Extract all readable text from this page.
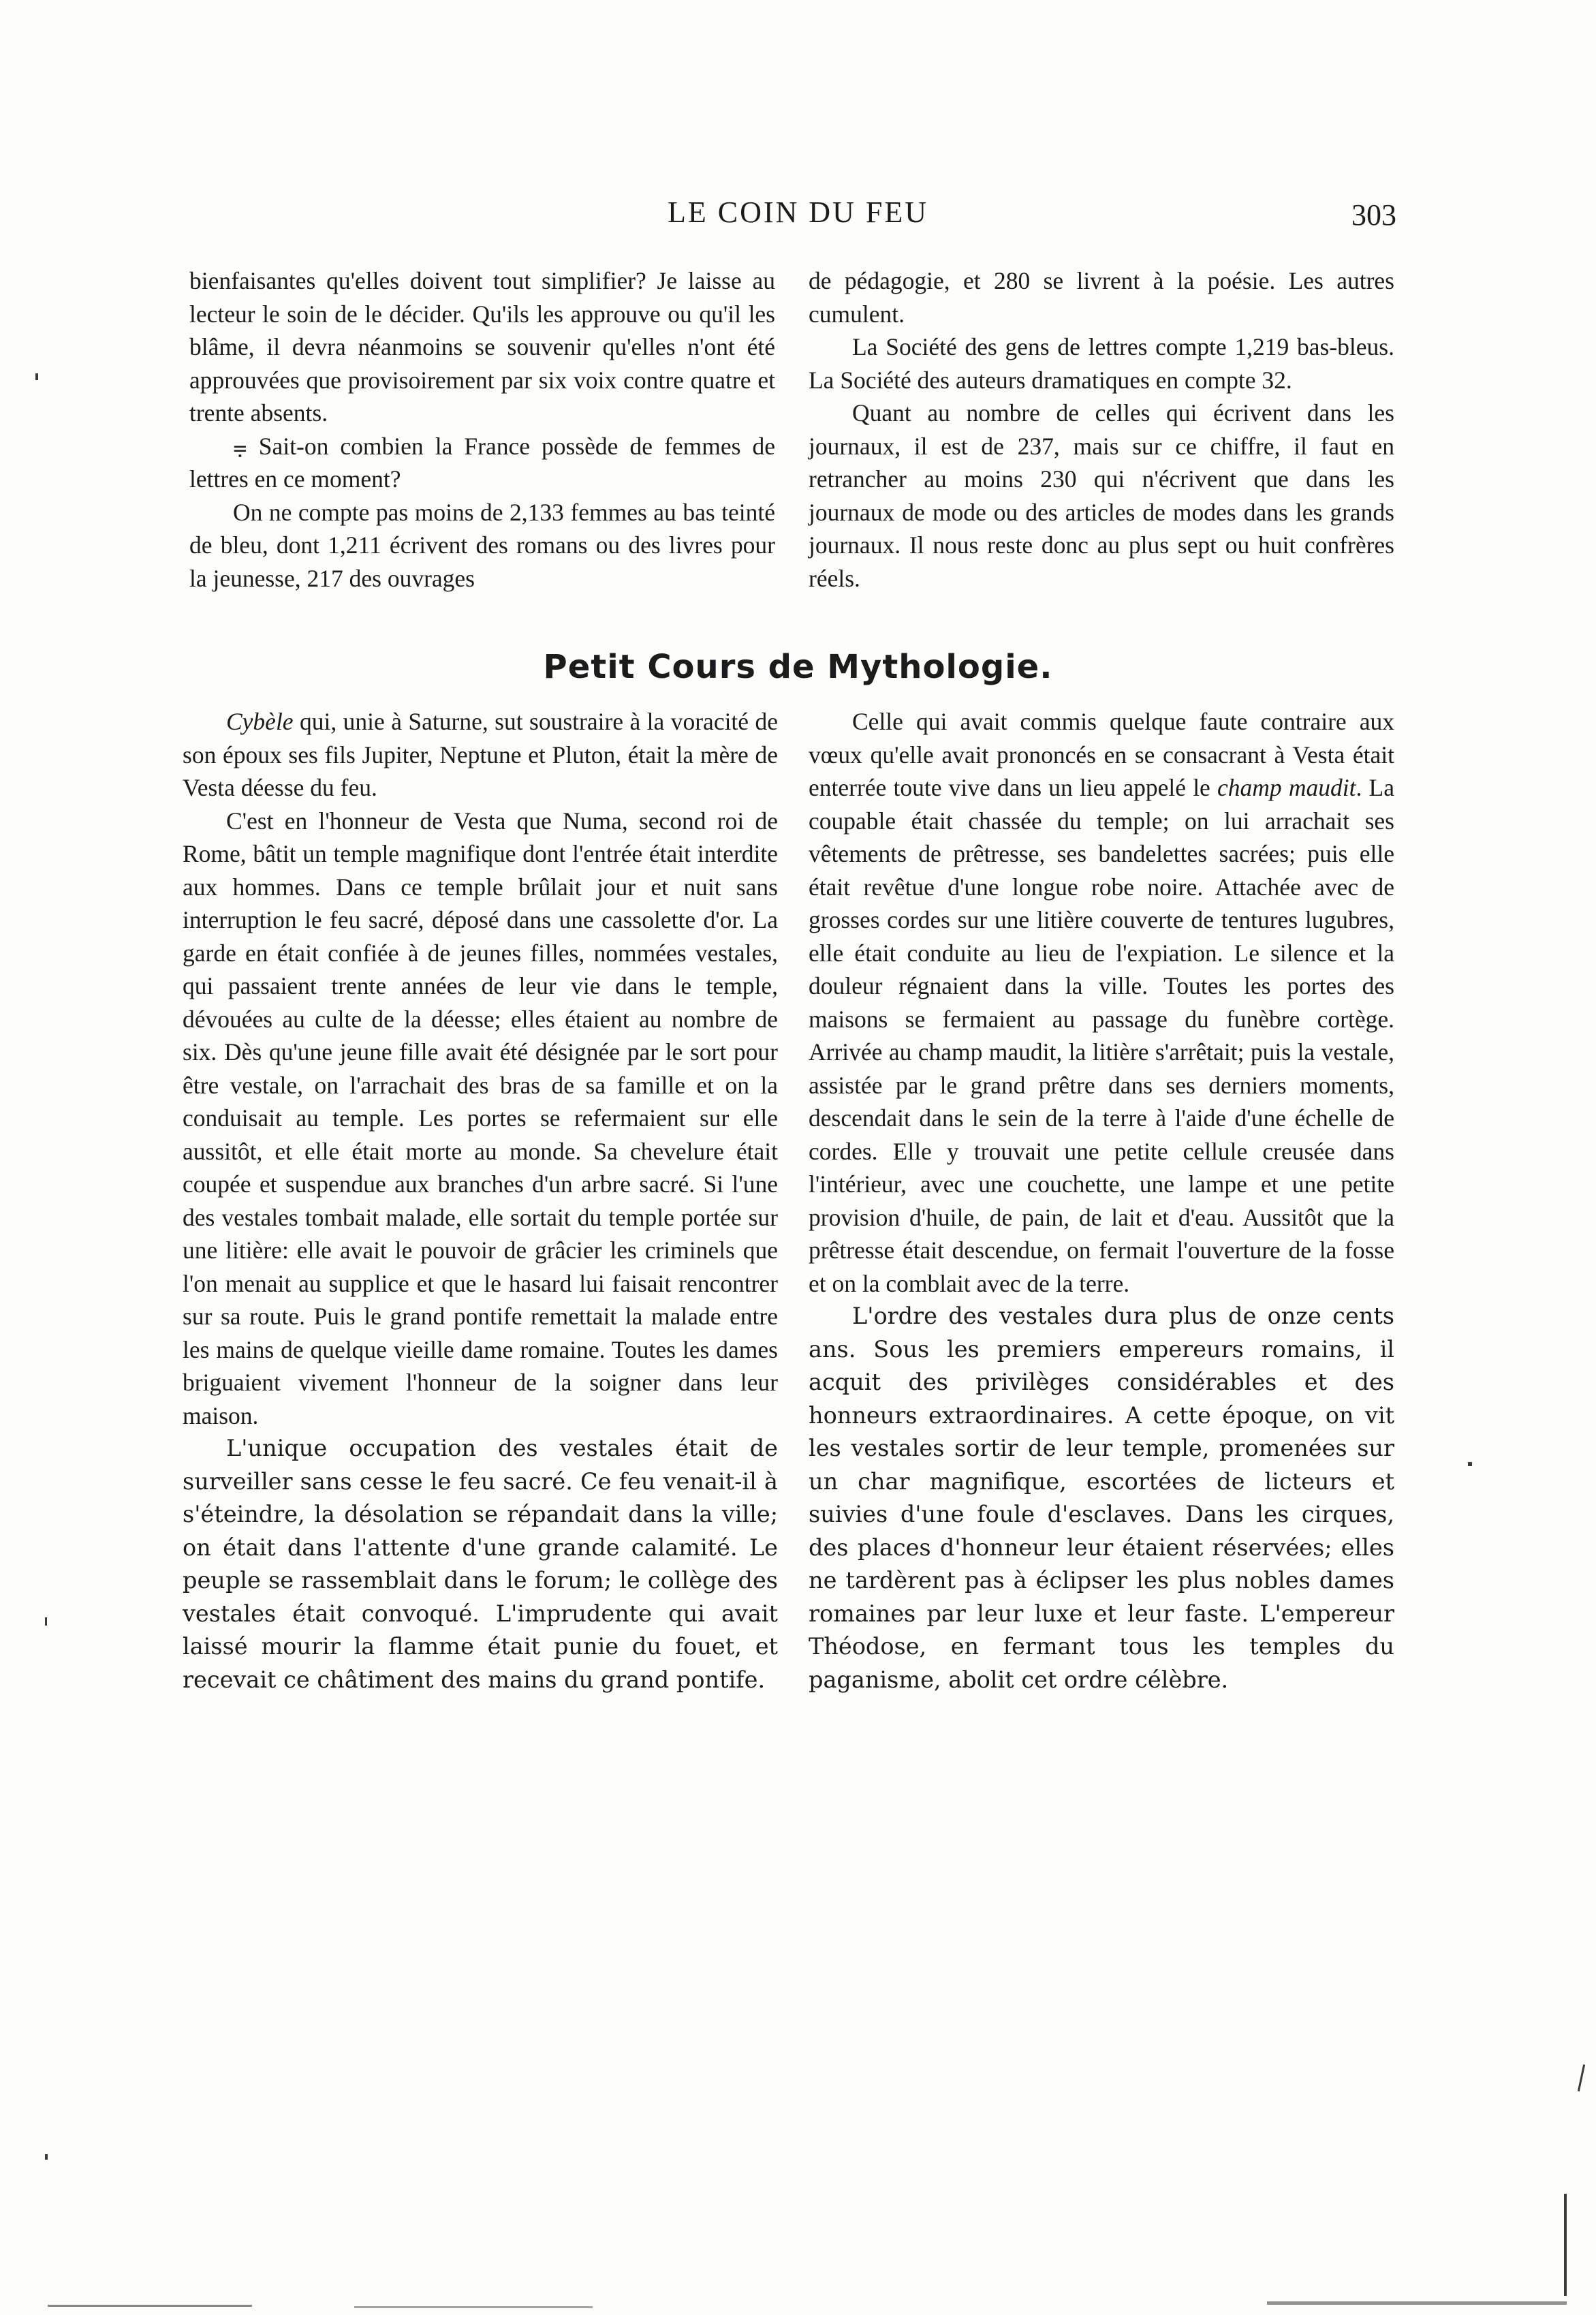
LE COIN DU FEU	303

bienfaisantes qu'elles doivent tout simplifier? Je laisse au lecteur le soin de le décider. Qu'ils les approuve ou qu'il les blâme, il devra néanmoins se souvenir qu'elles n'ont été approuvées que provisoirement par six voix contre quatre et trente absents.

⩦ Sait-on combien la France possède de femmes de lettres en ce moment?

On ne compte pas moins de 2,133 femmes au bas teinté de bleu, dont 1,211 écrivent des romans ou des livres pour la jeunesse, 217 des ouvrages

de pédagogie, et 280 se livrent à la poésie. Les autres cumulent.

La Société des gens de lettres compte 1,219 bas-bleus. La Société des auteurs dramatiques en compte 32.

Quant au nombre de celles qui écrivent dans les journaux, il est de 237, mais sur ce chiffre, il faut en retrancher au moins 230 qui n'écrivent que dans les journaux de mode ou des articles de modes dans les grands journaux. Il nous reste donc au plus sept ou huit confrères réels.

Petit Cours de Mythologie.

Cybèle qui, unie à Saturne, sut soustraire à la voracité de son époux ses fils Jupiter, Neptune et Pluton, était la mère de Vesta déesse du feu.

C'est en l'honneur de Vesta que Numa, second roi de Rome, bâtit un temple magnifique dont l'entrée était interdite aux hommes. Dans ce temple brûlait jour et nuit sans interruption le feu sacré, déposé dans une cassolette d'or. La garde en était confiée à de jeunes filles, nommées vestales, qui passaient trente années de leur vie dans le temple, dévouées au culte de la déesse; elles étaient au nombre de six. Dès qu'une jeune fille avait été désignée par le sort pour être vestale, on l'arrachait des bras de sa famille et on la conduisait au temple. Les portes se refermaient sur elle aussitôt, et elle était morte au monde. Sa chevelure était coupée et suspendue aux branches d'un arbre sacré. Si l'une des vestales tombait malade, elle sortait du temple portée sur une litière: elle avait le pouvoir de grâcier les criminels que l'on menait au supplice et que le hasard lui faisait rencontrer sur sa route. Puis le grand pontife remettait la malade entre les mains de quelque vieille dame romaine. Toutes les dames briguaient vivement l'honneur de la soigner dans leur maison.

L'unique occupation des vestales était de surveiller sans cesse le feu sacré. Ce feu venait-il à s'éteindre, la désolation se répandait dans la ville; on était dans l'attente d'une grande calamité. Le peuple se rassemblait dans le forum; le collège des vestales était convoqué. L'imprudente qui avait laissé mourir la flamme était punie du fouet, et recevait ce châtiment des mains du grand pontife.

Celle qui avait commis quelque faute contraire aux vœux qu'elle avait prononcés en se consacrant à Vesta était enterrée toute vive dans un lieu appelé le champ maudit. La coupable était chassée du temple; on lui arrachait ses vêtements de prêtresse, ses bandelettes sacrées; puis elle était revêtue d'une longue robe noire. Attachée avec de grosses cordes sur une litière couverte de tentures lugubres, elle était conduite au lieu de l'expiation. Le silence et la douleur régnaient dans la ville. Toutes les portes des maisons se fermaient au passage du funèbre cortège. Arrivée au champ maudit, la litière s'arrêtait; puis la vestale, assistée par le grand prêtre dans ses derniers moments, descendait dans le sein de la terre à l'aide d'une échelle de cordes. Elle y trouvait une petite cellule creusée dans l'intérieur, avec une couchette, une lampe et une petite provision d'huile, de pain, de lait et d'eau. Aussitôt que la prêtresse était descendue, on fermait l'ouverture de la fosse et on la comblait avec de la terre.

L'ordre des vestales dura plus de onze cents ans. Sous les premiers empereurs romains, il acquit des privilèges considérables et des honneurs extraordinaires. A cette époque, on vit les vestales sortir de leur temple, promenées sur un char magnifique, escortées de licteurs et suivies d'une foule d'esclaves. Dans les cirques, des places d'honneur leur étaient réservées; elles ne tardèrent pas à éclipser les plus nobles dames romaines par leur luxe et leur faste. L'empereur Théodose, en fermant tous les temples du paganisme, abolit cet ordre célèbre.
